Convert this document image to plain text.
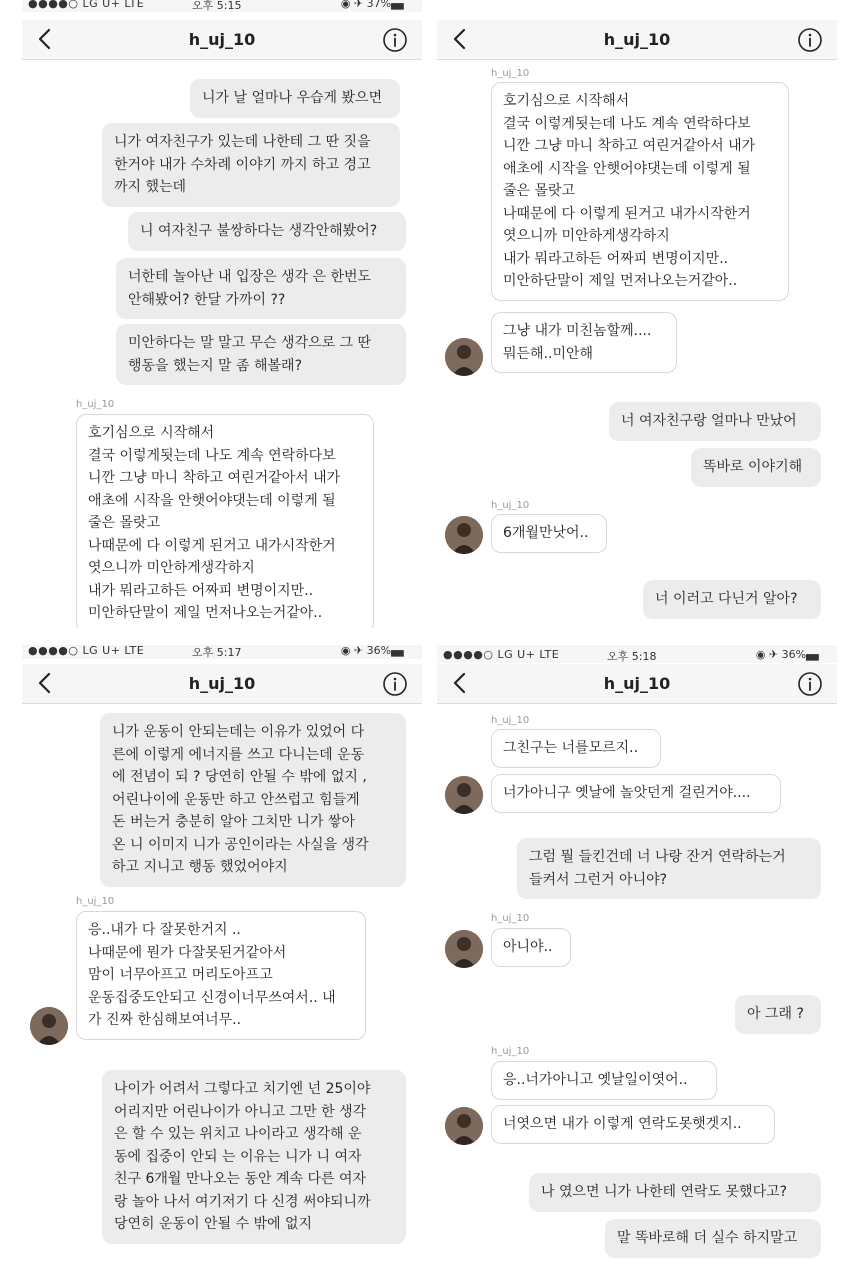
●●●●○ LG U+ LTE	오후 5:15	◉ ✈ 37%▄▖
h_uj_10
니가 날 얼마나 우습게 봤으면
니가 여자친구가 있는데 나한테 그 딴 짓을
한거야 내가 수차례 이야기 까지 하고 경고
까지 했는데
니 여자친구 불쌍하다는 생각안해봤어?
너한테 놀아난 내 입장은 생각 은 한번도
안해봤어? 한달 가까이 ??
미안하다는 말 말고 무슨 생각으로 그 딴
행동을 했는지 말 좀 해볼래?
h_uj_10
호기심으로 시작해서
결국 이렇게됫는데 나도 계속 연락하다보
니깐 그냥 마니 착하고 여린거같아서 내가
애초에 시작을 안햇어야댓는데 이렇게 될
줄은 몰랏고
나때문에 다 이렇게 된거고 내가시작한거
엿으니까 미안하게생각하지
내가 뭐라고하든 어짜피 변명이지만..
미안하단말이 제일 먼저나오는거같아..
h_uj_10
h_uj_10
호기심으로 시작해서
결국 이렇게됫는데 나도 계속 연락하다보
니깐 그냥 마니 착하고 여린거같아서 내가
애초에 시작을 안햇어야댓는데 이렇게 될
줄은 몰랏고
나때문에 다 이렇게 된거고 내가시작한거
엿으니까 미안하게생각하지
내가 뭐라고하든 어짜피 변명이지만..
미안하단말이 제일 먼저나오는거같아..
그냥 내가 미친놈할께....
뭐든해..미안해
너 여자친구랑 얼마나 만났어
똑바로 이야기해
h_uj_10
6개월만낫어..
너 이러고 다닌거 알아?
●●●●○ LG U+ LTE	오후 5:17	◉ ✈ 36%▄▖
h_uj_10
니가 운동이 안되는데는 이유가 있었어 다
른에 이렇게 에너지를 쓰고 다니는데 운동
에 전념이 되 ? 당연히 안될 수 밖에 없지 ,
어린나이에 운동만 하고 안쓰럽고 힘들게
돈 버는거 충분히 알아 그치만 니가 쌓아
온 니 이미지 니가 공인이라는 사실을 생각
하고 지니고 행동 했었어야지
h_uj_10
응..내가 다 잘못한거지 ..
나때문에 뭔가 다잘못된거같아서
맘이 너무아프고 머리도아프고
운동집중도안되고 신경이너무쓰여서.. 내
가 진짜 한심해보여너무..
나이가 어려서 그렇다고 치기엔 넌 25이야
어리지만 어린나이가 아니고 그만 한 생각
은 할 수 있는 위치고 나이라고 생각해 운
동에 집중이 안되 는 이유는 니가 니 여자
친구 6개월 만나오는 동안 계속 다른 여자
랑 놀아 나서 여기저기 다 신경 써야되니까
당연히 운동이 안될 수 밖에 없지
●●●●○ LG U+ LTE	오후 5:18	◉ ✈ 36%▄▖
h_uj_10
h_uj_10
그친구는 너를모르지..
너가아니구 옛날에 놀앗던게 걸린거야....
그럼 뭘 들킨건데 너 나랑 잔거 연락하는거
들켜서 그런거 아니야?
h_uj_10
아니야..
아 그래 ?
h_uj_10
응..너가아니고 옛날일이엿어..
너엿으면 내가 이렇게 연락도못햇겟지..
나 였으면 니가 나한테 연락도 못했다고?
말 똑바로해 더 실수 하지말고
